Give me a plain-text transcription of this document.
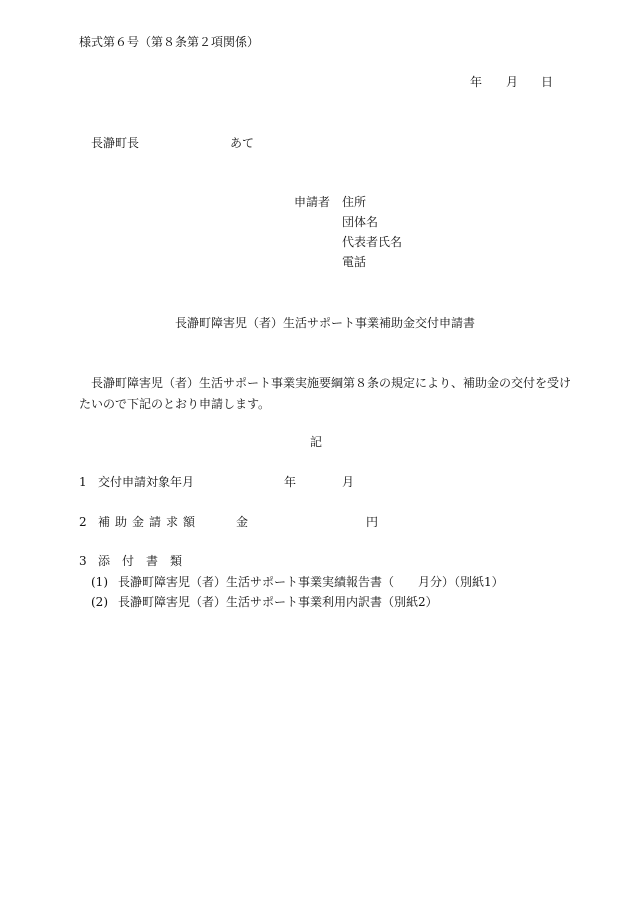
様式第６号（第８条第２項関係）
年 月 日
長瀞町長	あて
申請者 住所
団体名
代表者氏名
電話
長瀞町障害児（者）生活サポート事業補助金交付申請書
長瀞町障害児（者）生活サポート事業実施要綱第８条の規定により、補助金の交付を受け
たいので下記のとおり申請します。
記
1 交付申請対象年月	年	月
2 補助金請求額	金	円
3 添　付　書　類
(1) 長瀞町障害児（者）生活サポート事業実績報告書（　　月分）（別紙1）
(2) 長瀞町障害児（者）生活サポート事業利用内訳書（別紙2）
